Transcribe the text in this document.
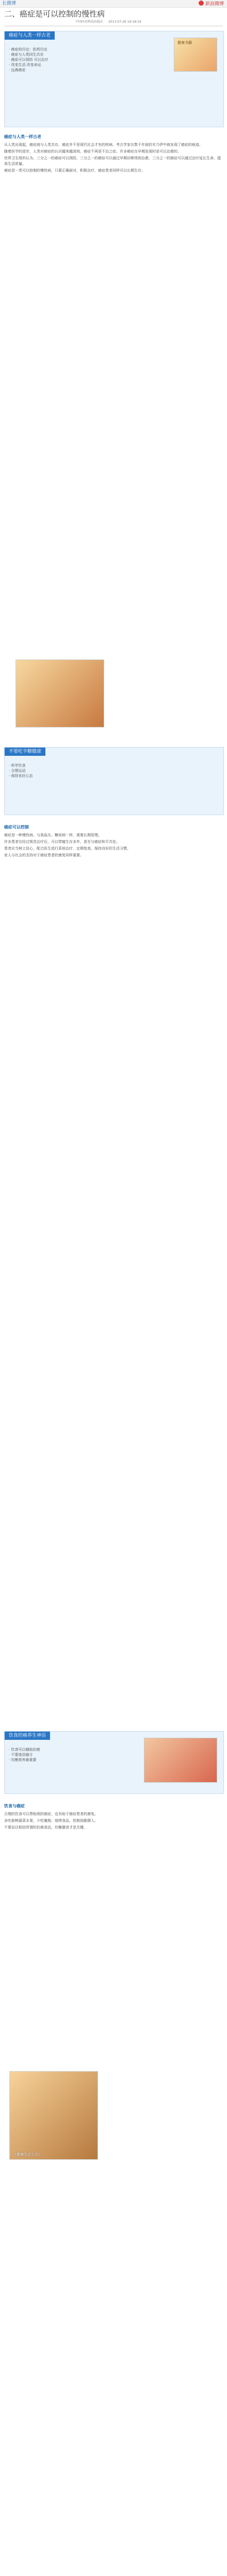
长微博	新浪微博
二、癌症是可以控制的慢性病
中国医药科技出版社 2013-07-26 19:18:19
癌症与人类一样古老
健康书籍

· 癌症的历史：医药历史

· 癌症与人类同生共存

· 癌症可以预防 可以治疗

· 改变生活 改变命运

· 远离癌症

癌症与人类一样古老

从人类出现起，癌症就与人类共存。癌症并不是现代社会才有的疾病，考古学家在数千年前的木乃伊中就发现了癌症的痕迹。

随着医学的进步，人类对癌症的认识越来越深刻，癌症不再是不治之症。许多癌症在早期发现时是可以治愈的。

世界卫生组织认为，三分之一的癌症可以预防，三分之一的癌症可以通过早期诊断得到治愈，三分之一的癌症可以通过治疗延长生命、提高生活质量。

癌症是一类可以控制的慢性病，只要正确面对，积极治疗，癌症患者同样可以长期生存。

不要吃半糖健康

· 科学饮食

· 合理运动

· 保持良好心态

癌症可以控制

癌症是一种慢性病，与高血压、糖尿病一样，需要长期管理。

许多患者在经过规范治疗后，可以带瘤生存多年，甚至与癌症和平共处。

患者应当树立信心，配合医生进行系统治疗，定期复查，保持良好的生活习惯。

家人与社会的支持对于癌症患者的康复同样重要。

饮食控癌养生神话

· 饮食可以辅助抗癌

· 不要迷信偏方

· 均衡营养最重要

饮食与癌症

合理的饮食可以帮助预防癌症，也有助于癌症患者的康复。

多吃新鲜蔬菜水果，少吃腌制、烧烤食品，控制油脂摄入。

不要盲目相信所谓的抗癌食品，均衡膳食才是关键。

《健康生活方式》
